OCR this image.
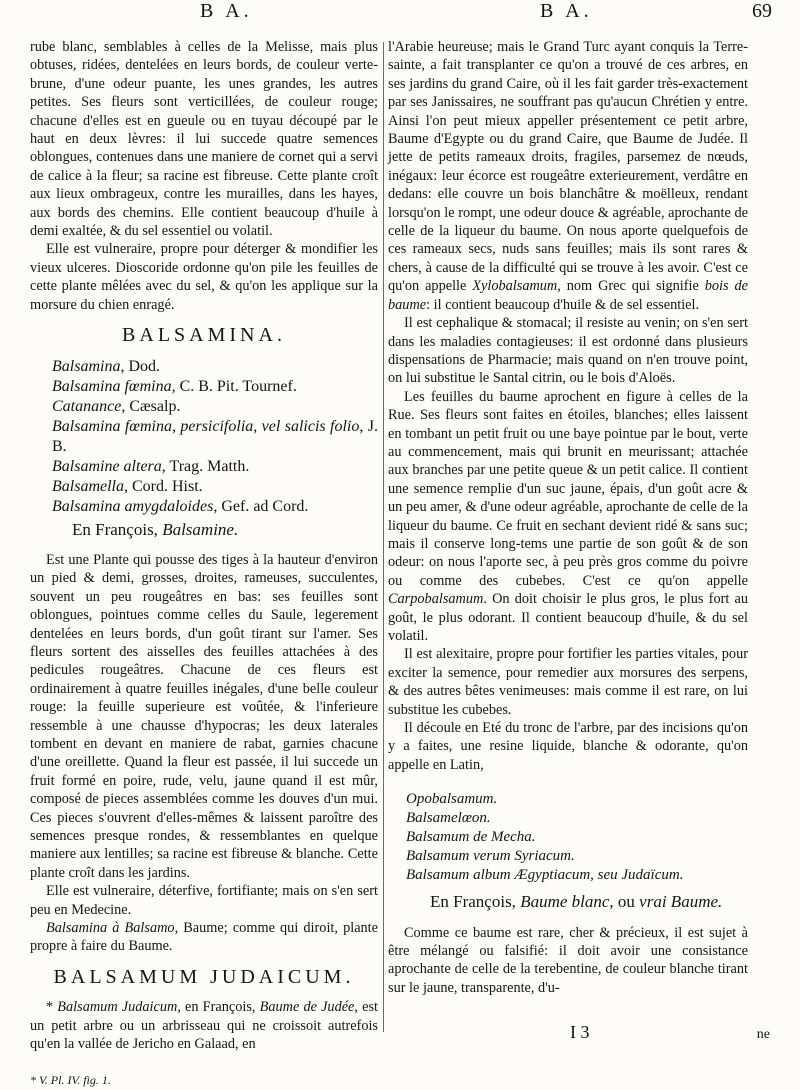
B A.	B A.	69

rube blanc, semblables à celles de la Melisse, mais plus obtuses, ridées, dentelées en leurs bords, de couleur verte-brune, d'une odeur puante, les unes grandes, les autres petites. Ses fleurs sont verticillées, de couleur rouge; chacune d'elles est en gueule ou en tuyau découpé par le haut en deux lèvres: il lui succede quatre semences oblongues, contenues dans une maniere de cornet qui a servi de calice à la fleur; sa racine est fibreuse. Cette plante croît aux lieux ombrageux, contre les murailles, dans les hayes, aux bords des chemins. Elle contient beaucoup d'huile à demi exaltée, & du sel essentiel ou volatil.

Elle est vulneraire, propre pour déterger & mondifier les vieux ulceres. Dioscoride ordonne qu'on pile les feuilles de cette plante mêlées avec du sel, & qu'on les applique sur la morsure du chien enragé.

BALSAMINA.

Balsamina, Dod.

Balsamina fœmina, C. B. Pit. Tournef.

Catanance, Cæsalp.

Balsamina fœmina, persicifolia, vel salicis folio, J. B.

Balsamine altera, Trag. Matth.

Balsamella, Cord. Hist.

Balsamina amygdaloides, Gef. ad Cord.

En François, Balsamine.

Est une Plante qui pousse des tiges à la hauteur d'environ un pied & demi, grosses, droites, rameuses, succulentes, souvent un peu rougeâtres en bas: ses feuilles sont oblongues, pointues comme celles du Saule, legerement dentelées en leurs bords, d'un goût tirant sur l'amer. Ses fleurs sortent des aisselles des feuilles attachées à des pedicules rougeâtres. Chacune de ces fleurs est ordinairement à quatre feuilles inégales, d'une belle couleur rouge: la feuille superieure est voûtée, & l'inferieure ressemble à une chausse d'hypocras; les deux laterales tombent en devant en maniere de rabat, garnies chacune d'une oreillette. Quand la fleur est passée, il lui succede un fruit formé en poire, rude, velu, jaune quand il est mûr, composé de pieces assemblées comme les douves d'un mui. Ces pieces s'ouvrent d'elles-mêmes & laissent paroître des semences presque rondes, & ressemblantes en quelque maniere aux lentilles; sa racine est fibreuse & blanche. Cette plante croît dans les jardins.

Elle est vulneraire, déterfive, fortifiante; mais on s'en sert peu en Medecine.

Balsamina à Balsamo, Baume; comme qui diroit, plante propre à faire du Baume.

BALSAMUM JUDAICUM.

* Balsamum Judaicum, en François, Baume de Judée, est un petit arbre ou un arbrisseau qui ne croissoit autrefois qu'en la vallée de Jericho en Galaad, en

* V. Pl. IV. fig. 1.

l'Arabie heureuse; mais le Grand Turc ayant conquis la Terre-sainte, a fait transplanter ce qu'on a trouvé de ces arbres, en ses jardins du grand Caire, où il les fait garder très-exactement par ses Janissaires, ne souffrant pas qu'aucun Chrétien y entre. Ainsi l'on peut mieux appeller présentement ce petit arbre, Baume d'Egypte ou du grand Caire, que Baume de Judée. Il jette de petits rameaux droits, fragiles, parsemez de nœuds, inégaux: leur écorce est rougeâtre exterieurement, verdâtre en dedans: elle couvre un bois blanchâtre & moëlleux, rendant lorsqu'on le rompt, une odeur douce & agréable, aprochante de celle de la liqueur du baume. On nous aporte quelquefois de ces rameaux secs, nuds sans feuilles; mais ils sont rares & chers, à cause de la difficulté qui se trouve à les avoir. C'est ce qu'on appelle Xylobalsamum, nom Grec qui signifie bois de baume: il contient beaucoup d'huile & de sel essentiel.

Il est cephalique & stomacal; il resiste au venin; on s'en sert dans les maladies contagieuses: il est ordonné dans plusieurs dispensations de Pharmacie; mais quand on n'en trouve point, on lui substitue le Santal citrin, ou le bois d'Aloës.

Les feuilles du baume aprochent en figure à celles de la Rue. Ses fleurs sont faites en étoiles, blanches; elles laissent en tombant un petit fruit ou une baye pointue par le bout, verte au commencement, mais qui brunit en meurissant; attachée aux branches par une petite queue & un petit calice. Il contient une semence remplie d'un suc jaune, épais, d'un goût acre & un peu amer, & d'une odeur agréable, aprochante de celle de la liqueur du baume. Ce fruit en sechant devient ridé & sans suc; mais il conserve long-tems une partie de son goût & de son odeur: on nous l'aporte sec, à peu près gros comme du poivre ou comme des cubebes. C'est ce qu'on appelle Carpobalsamum. On doit choisir le plus gros, le plus fort au goût, le plus odorant. Il contient beaucoup d'huile, & du sel volatil.

Il est alexitaire, propre pour fortifier les parties vitales, pour exciter la semence, pour remedier aux morsures des serpens, & des autres bêtes venimeuses: mais comme il est rare, on lui substitue les cubebes.

Il découle en Eté du tronc de l'arbre, par des incisions qu'on y a faites, une resine liquide, blanche & odorante, qu'on appelle en Latin,

Opobalsamum.

Balsamelœon.

Balsamum de Mecha.

Balsamum verum Syriacum.

Balsamum album Ægyptiacum, seu Judaïcum.

En François, Baume blanc, ou vrai Baume.

Comme ce baume est rare, cher & précieux, il est sujet à être mélangé ou falsifié: il doit avoir une consistance aprochante de celle de la terebentine, de couleur blanche tirant sur le jaune, transparente, d'u-

I 3	ne
